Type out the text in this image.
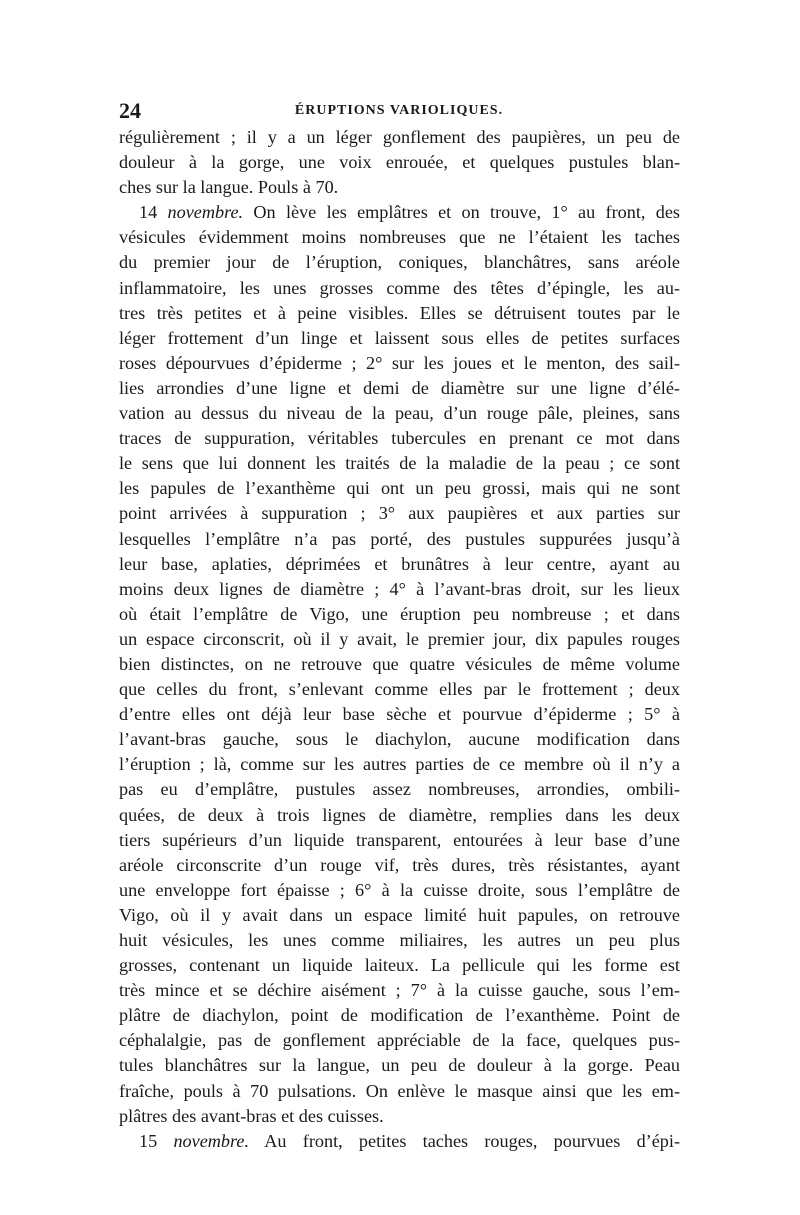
24	ÉRUPTIONS VARIOLIQUES.
régulièrement ; il y a un léger gonflement des paupières, un peu de
douleur à la gorge, une voix enrouée, et quelques pustules blan-
ches sur la langue. Pouls à 70.
14 novembre. On lève les emplâtres et on trouve, 1° au front, des
vésicules évidemment moins nombreuses que ne l’étaient les taches
du premier jour de l’éruption, coniques, blanchâtres, sans aréole
inflammatoire, les unes grosses comme des têtes d’épingle, les au-
tres très petites et à peine visibles. Elles se détruisent toutes par le
léger frottement d’un linge et laissent sous elles de petites surfaces
roses dépourvues d’épiderme ; 2° sur les joues et le menton, des sail-
lies arrondies d’une ligne et demi de diamètre sur une ligne d’élé-
vation au dessus du niveau de la peau, d’un rouge pâle, pleines, sans
traces de suppuration, véritables tubercules en prenant ce mot dans
le sens que lui donnent les traités de la maladie de la peau ; ce sont
les papules de l’exanthème qui ont un peu grossi, mais qui ne sont
point arrivées à suppuration ; 3° aux paupières et aux parties sur
lesquelles l’emplâtre n’a pas porté, des pustules suppurées jusqu’à
leur base, aplaties, déprimées et brunâtres à leur centre, ayant au
moins deux lignes de diamètre ; 4° à l’avant-bras droit, sur les lieux
où était l’emplâtre de Vigo, une éruption peu nombreuse ; et dans
un espace circonscrit, où il y avait, le premier jour, dix papules rouges
bien distinctes, on ne retrouve que quatre vésicules de même volume
que celles du front, s’enlevant comme elles par le frottement ; deux
d’entre elles ont déjà leur base sèche et pourvue d’épiderme ; 5° à
l’avant-bras gauche, sous le diachylon, aucune modification dans
l’éruption ; là, comme sur les autres parties de ce membre où il n’y a
pas eu d’emplâtre, pustules assez nombreuses, arrondies, ombili-
quées, de deux à trois lignes de diamètre, remplies dans les deux
tiers supérieurs d’un liquide transparent, entourées à leur base d’une
aréole circonscrite d’un rouge vif, très dures, très résistantes, ayant
une enveloppe fort épaisse ; 6° à la cuisse droite, sous l’emplâtre de
Vigo, où il y avait dans un espace limité huit papules, on retrouve
huit vésicules, les unes comme miliaires, les autres un peu plus
grosses, contenant un liquide laiteux. La pellicule qui les forme est
très mince et se déchire aisément ; 7° à la cuisse gauche, sous l’em-
plâtre de diachylon, point de modification de l’exanthème. Point de
céphalalgie, pas de gonflement appréciable de la face, quelques pus-
tules blanchâtres sur la langue, un peu de douleur à la gorge. Peau
fraîche, pouls à 70 pulsations. On enlève le masque ainsi que les em-
plâtres des avant-bras et des cuisses.
15 novembre. Au front, petites taches rouges, pourvues d’épi-
